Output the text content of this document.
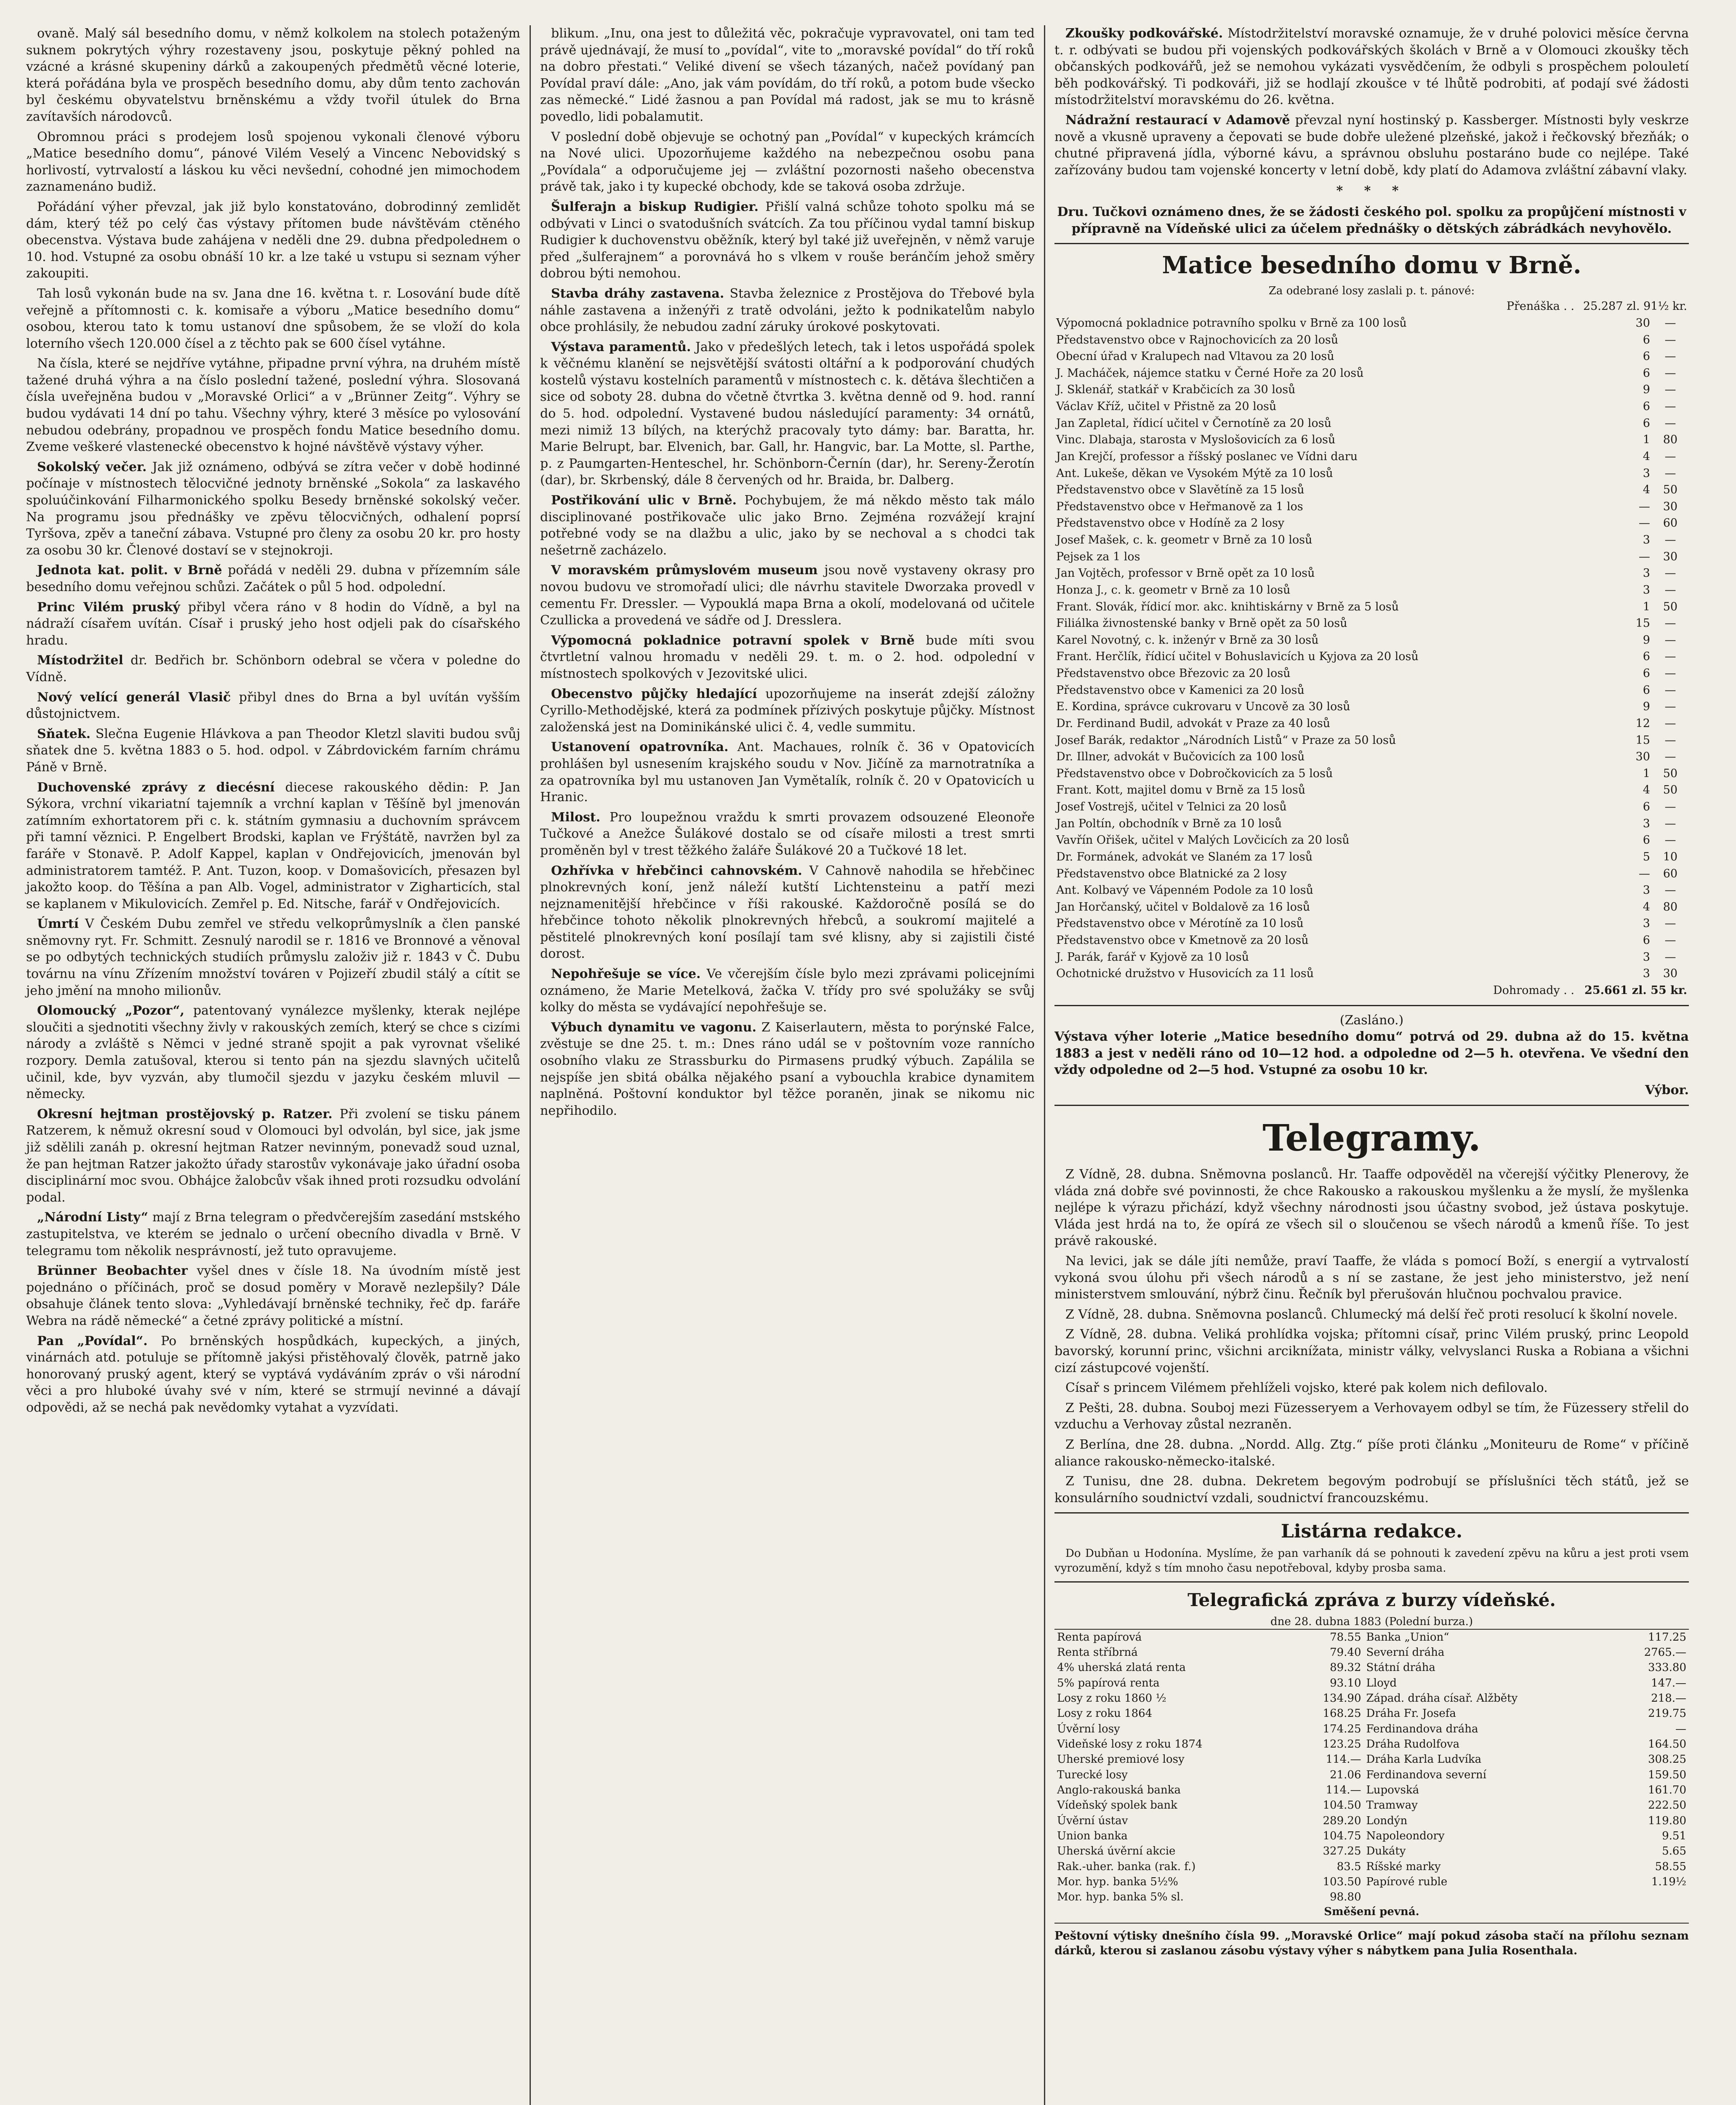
ovaně. Malý sál besedního domu, v němž kolkolem na stolech potaženým suknem pokrytých výhry rozestaveny jsou, poskytuje pěkný pohled na vzácné a krásné skupeniny dárků a zakoupených předmětů věcné loterie, která pořádána byla ve prospěch besedního domu, aby dům tento zachován byl českému obyvatelstvu brněnskému a vždy tvořil útulek do Brna zavítavších národovců.

Obromnou práci s prodejem losů spojenou vykonali členové výboru „Matice besedního domu“, pánové Vilém Veselý a Vincenc Nebovidský s horlivostí, vytrvalostí a láskou ku věci nevšední, cohodné jen mimochodem zaznamenáno budiž.

Pořádání výher převzal, jak již bylo konstatováno, dobrodinný zemlidět dám, který též po celý čas výstavy přítomen bude návštěvám ctěného obecenstva. Výstava bude zahájena v neděli dne 29. dubna předpoledнem o 10. hod. Vstupné za osobu obnáší 10 kr. a lze také u vstupu si seznam výher zakoupiti.

Tah losů vykonán bude na sv. Jana dne 16. května t. r. Losování bude dítě veřejně a přítomnosti c. k. komisaře a výboru „Matice besedního domu“ osobou, kterou tato k tomu ustanoví dne spůsobem, že se vloží do kola loterního všech 120.000 čísel a z těchto pak se 600 čísel vytáhne.

Na čísla, které se nejdříve vytáhne, připadne první výhra, na druhém místě tažené druhá výhra a na číslo poslední tažené, poslední výhra. Slosovaná čísla uveřejněna budou v „Moravské Orlici“ a v „Brünner Zeitg“. Výhry se budou vydávati 14 dní po tahu. Všechny výhry, které 3 měsíce po vylosování nebudou odebrány, propadnou ve prospěch fondu Matice besedního domu. Zveme veškeré vlastenecké obecenstvo k hojné návštěvě výstavy výher.

Sokolský večer. Jak již oznámeno, odbývá se zítra večer v době hodinné počínaje v místnostech tělocvičné jednoty brněnské „Sokola“ za laskavého spoluúčinkování Filharmonického spolku Besedy brněnské sokolský večer. Na programu jsou přednášky ve zpěvu tělocvičných, odhalení poprsí Tyršova, zpěv a taneční zábava. Vstupné pro členy za osobu 20 kr. pro hosty za osobu 30 kr. Členové dostaví se v stejnokroji.

Jednota kat. polit. v Brně pořádá v neděli 29. dubna v přízemním sále besedního domu veřejnou schůzi. Začátek o půl 5 hod. odpolední.

Princ Vilém pruský přibyl včera ráno v 8 hodin do Vídně, a byl na nádraží císařem uvítán. Císař i pruský jeho host odjeli pak do císařského hradu.

Místodržitel dr. Bedřich br. Schönborn odebral se včera v poledne do Vídně.

Nový velící generál Vlasič přibyl dnes do Brna a byl uvítán vyšším důstojnictvem.

Sňatek. Slečna Eugenie Hlávkova a pan Theodor Kletzl slaviti budou svůj sňatek dne 5. května 1883 o 5. hod. odpol. v Zábrdovickém farním chrámu Páně v Brně.

Duchovenské zprávy z diecésní diecese rakouského dědin: P. Jan Sýkora, vrchní vikariatní tajemník a vrchní kaplan v Těšíně byl jmenován zatímním exhortatorem při c. k. státním gymnasiu a duchovním správcem při tamní věznici. P. Engelbert Brodski, kaplan ve Frýštátě, navržen byl za faráře v Stonavě. P. Adolf Kappel, kaplan v Ondřejovicích, jmenován byl administratorem tamtéž. P. Ant. Tuzon, koop. v Domašovicích, přesazen byl jakožto koop. do Těšína a pan Alb. Vogel, administrator v Zigharticích, stal se kaplanem v Mikulovicích. Zemřel p. Ed. Nitsche, farář v Ondřejovicích.

Úmrtí V Českém Dubu zemřel ve středu velkoprůmyslník a člen panské sněmovny ryt. Fr. Schmitt. Zesnulý narodil se r. 1816 ve Bronnové a věnoval se po odbytých technických studiích průmyslu založiv již r. 1843 v Č. Dubu továrnu na vínu Zřízením množství továren v Pojizeří zbudil stálý a cítit se jeho jmění na mnoho milionův.

Olomoucký „Pozor“, patentovaný vynálezce myšlenky, kterak nejlépe sloučiti a sjednotiti všechny živly v rakouských zemích, který se chce s cizími národy a zvláště s Němci v jedné straně spojit a pak vyrovnat všeliké rozpory. Demla zatušoval, kterou si tento pán na sjezdu slavných učitelů učinil, kde, byv vyzván, aby tlumočil sjezdu v jazyku českém mluvil — německy.

Okresní hejtman prostějovský p. Ratzer. Při zvolení se tisku pánem Ratzerem, k němuž okresní soud v Olomouci byl odvolán, byl sice, jak jsme již sdělili zanáh p. okresní hejtman Ratzer nevinným, ponevadž soud uznal, že pan hejtman Ratzer jakožto úřady starostův vykonávaje jako úřadní osoba disciplinární moc svou. Obhájce žalobcův však ihned proti rozsudku odvolání podal.

„Národní Listy“ mají z Brna telegram o předvčerejším zasedání mstského zastupitelstva, ve kterém se jednalo o určení obecního divadla v Brně. V telegramu tom několik nesprávností, jež tuto opravujeme.

Brünner Beobachter vyšel dnes v čísle 18. Na úvodním místě jest pojednáno o příčinách, proč se dosud poměry v Moravě nezlepšily? Dále obsahuje článek tento slova: „Vyhledávají brněnské techniky, řeč dp. faráře Webra na rádě německé“ a četné zprávy politické a místní.

Pan „Povídal“. Po brněnských hospůdkách, kupeckých, a jiných, vinárnách atd. potuluje se přítomně jakýsi přistěhovalý člověk, patrně jako honorovaný pruský agent, který se vyptává vydáváním zpráv o vši národní věci a pro hluboké úvahy své v ním, které se strmují nevinné a dávají odpovědi, až se nechá pak nevědomky vytahat a vyzvídati.

blikum. „Inu, ona jest to důležitá věc, pokračuje vypravovatel, oni tam ted právě ujednávají, že musí to „povídal“, vite to „moravské povídal“ do tří roků na dobro přestati.“ Veliké divení se všech tázaných, načež povídaný pan Povídal praví dále: „Ano, jak vám povídám, do tří roků, a potom bude všecko zas německé.“ Lidé žasnou a pan Povídal má radost, jak se mu to krásně povedlo, lidi pobalamutit.

V poslední době objevuje se ochotný pan „Povídal“ v kupeckých krámcích na Nové ulici. Upozorňujeme každého na nebezpečnou osobu pana „Povídala“ a odporučujeme jej — zvláštní pozornosti našeho obecenstva právě tak, jako i ty kupecké obchody, kde se taková osoba zdržuje.

Šulferajn a biskup Rudigier. Přišlí valná schůze tohoto spolku má se odbývati v Linci o svatodušních svátcích. Za tou příčinou vydal tamní biskup Rudigier k duchovenstvu oběžník, který byl také již uveřejněn, v němž varuje před „šulferajnem“ a porovnává ho s vlkem v rouše beránčím jehož směry dobrou býti nemohou.

Stavba dráhy zastavena. Stavba železnice z Prostějova do Třebové byla náhle zastavena a inženýři z tratě odvoláni, ježto k podnikatelům nabylo obce prohlásily, že nebudou zadní záruky úrokové poskytovati.

Výstava paramentů. Jako v předešlých letech, tak i letos uspořádá spolek k věčnému klanění se nejsvětější svátosti oltářní a k podporování chudých kostelů výstavu kostelních paramentů v místnostech c. k. dětáva šlechtičen a sice od soboty 28. dubna do včetně čtvrtka 3. května denně od 9. hod. ranní do 5. hod. odpolední. Vystavené budou následující paramenty: 34 ornátů, mezi nimiž 13 bílých, na kterýchž pracovaly tyto dámy: bar. Baratta, hr. Marie Belrupt, bar. Elvenich, bar. Gall, hr. Hangvic, bar. La Motte, sl. Parthe, p. z Paumgarten-Henteschel, hr. Schönborn-Černín (dar), hr. Sereny-Žerotín (dar), br. Skrbenský, dále 8 červených od hr. Braida, br. Dalberg.

Postřikování ulic v Brně. Pochybujem, že má někdo město tak málo disciplinované postřikovače ulic jako Brno. Zejména rozvážejí krajní potřebné vody se na dlažbu a ulic, jako by se nechoval a s chodci tak nešetrně zacházelo.

V moravském průmyslovém museum jsou nově vystaveny okrasy pro novou budovu ve stromořadí ulici; dle návrhu stavitele Dworzaka provedl v cementu Fr. Dressler. — Vypouklá mapa Brna a okolí, modelovaná od učitele Czullicka a provedená ve sádře od J. Dresslera.

Výpomocná pokladnice potravní spolek v Brně bude míti svou čtvrtletní valnou hromadu v neděli 29. t. m. o 2. hod. odpolední v místnostech spolkových v Jezovitské ulici.

Obecenstvo půjčky hledající upozorňujeme na inserát zdejší záložny Cyrillo-Methodějské, která za podmínek přízivých poskytuje půjčky. Místnost založenská jest na Dominikánské ulici č. 4, vedle summitu.

Ustanovení opatrovníka. Ant. Machaues, rolník č. 36 v Opatovicích prohlášen byl usnesením krajského soudu v Nov. Jičíně za marnotratníka a za opatrovníka byl mu ustanoven Jan Vymětalík, rolník č. 20 v Opatovicích u Hranic.

Milost. Pro loupežnou vraždu k smrti provazem odsouzené Eleonoře Tučkové a Anežce Šulákové dostalo se od císaře milosti a trest smrti proměněn byl v trest těžkého žaláře Šulákové 20 a Tučkové 18 let.

Ozhřívka v hřebčinci cahnovském. V Cahnově nahodila se hřebčinec plnokrevných koní, jenž náleží kutští Lichtensteinu a patří mezi nejznamenitější hřebčince v říši rakouské. Každoročně posílá se do hřebčince tohoto několik plnokrevných hřebců, a soukromí majitelé a pěstitelé plnokrevných koní posílají tam své klisny, aby si zajistili čisté dorost.

Nepohřešuje se více. Ve včerejším čísle bylo mezi zprávami policejními oznámeno, že Marie Metelková, žačka V. třídy pro své spolužáky se svůj kolky do města se vydávající nepohřešuje se.

Výbuch dynamitu ve vagonu. Z Kaiserlautern, města to porýnské Falce, zvěstuje se dne 25. t. m.: Dnes ráno udál se v poštovním voze rannícho osobního vlaku ze Strassburku do Pirmasens prudký výbuch. Zapálila se nejspíše jen sbitá obálka nějakého psaní a vybouchla krabice dynamitem naplněná. Poštovní konduktor byl těžce poraněn, jinak se nikomu nic nepřihodilo.

Zkoušky podkovářské. Místodržitelství moravské oznamuje, že v druhé polovici měsíce června t. r. odbývati se budou při vojenských podkovářských školách v Brně a v Olomouci zkoušky těch občanských podkovářů, jež se nemohou vykázati vysvědčením, že odbyli s prospěchem polouletí běh podkovářský. Ti podkováři, již se hodlají zkoušce v té lhůtě podrobiti, ať podají své žádosti místodržitelství moravskému do 26. května.

Nádražní restaurací v Adamově převzal nyní hostinský p. Kassberger. Místnosti byly veskrze nově a vkusně upraveny a čepovati se bude dobře uležené plzeňské, jakož i řečkovský březňák; o chutné připravená jídla, výborné kávu, a správnou obsluhu postaráno bude co nejlépe. Také zařízovány budou tam vojenské koncerty v letní době, kdy platí do Adamova zvláštní zábavní vlaky.

* * *

Dru. Tučkovi oznámeno dnes, že se žádosti českého pol. spolku za propůjčení místnosti v přípravně na Vídeňské ulici za účelem přednášky o dětských zábrádkách nevyhovělo.

Matice besedního domu v Brně.
Za odebrané losy zaslali p. t. pánové:
Přenáška . .	25.287 zl. 91½ kr.	
Výpomocná pokladnice potravního spolku v Brně za 100 losů	30	—
Představenstvo obce v Rajnochovicích za 20 losů	6	—
Obecní úřad v Kralupech nad Vltavou za 20 losů	6	—
J. Macháček, nájemce statku v Černé Hoře za 20 losů	6	—
J. Sklenář, statkář v Krabčicích za 30 losů	9	—
Václav Kříž, učitel v Přistně za 20 losů	6	—
Jan Zapletal, řídicí učitel v Černotíně za 20 losů	6	—
Vinc. Dlabaja, starosta v Myslošovicích za 6 losů	1	80
Jan Krejčí, professor a říšský poslanec ve Vídni daru	4	—
Ant. Lukeše, děkan ve Vysokém Mýtě za 10 losů	3	—
Představenstvo obce v Slavětíně za 15 losů	4	50
Představenstvo obce v Heřmanově za 1 los	—	30
Představenstvo obce v Hodíně za 2 losy	—	60
Josef Mašek, c. k. geometr v Brně za 10 losů	3	—
Pejsek za 1 los	—	30
Jan Vojtěch, professor v Brně opět za 10 losů	3	—
Honza J., c. k. geometr v Brně za 10 losů	3	—
Frant. Slovák, řídicí mor. akc. knihtiskárny v Brně za 5 losů	1	50
Filiálka živnostenské banky v Brně opět za 50 losů	15	—
Karel Novotný, c. k. inženýr v Brně za 30 losů	9	—
Frant. Herčlík, řídicí učitel v Bohuslavicích u Kyjova za 20 losů	6	—
Představenstvo obce Březovic za 20 losů	6	—
Představenstvo obce v Kamenici za 20 losů	6	—
E. Kordina, správce cukrovaru v Uncově za 30 losů	9	—
Dr. Ferdinand Budil, advokát v Praze za 40 losů	12	—
Josef Barák, redaktor „Národních Listů“ v Praze za 50 losů	15	—
Dr. Illner, advokát v Bučovicích za 100 losů	30	—
Představenstvo obce v Dobročkovicích za 5 losů	1	50
Frant. Kott, majitel domu v Brně za 15 losů	4	50
Josef Vostrejš, učitel v Telnici za 20 losů	6	—
Jan Poltín, obchodník v Brně za 10 losů	3	—
Vavřín Ořišek, učitel v Malých Lovčicích za 20 losů	6	—
Dr. Formánek, advokát ve Slaném za 17 losů	5	10
Představenstvo obce Blatnické za 2 losy	—	60
Ant. Kolbavý ve Vápenném Podole za 10 losů	3	—
Jan Horčanský, učitel v Boldalově za 16 losů	4	80
Představenstvo obce v Mérotíně za 10 losů	3	—
Představenstvo obce v Kmetnově za 20 losů	6	—
J. Parák, farář v Kyjově za 10 losů	3	—
Ochotnické družstvo v Husovicích za 11 losů	3	30
Dohromady . .	25.661 zl. 55 kr.	
(Zasláno.)

Výstava výher loterie „Matice besedního domu“ potrvá od 29. dubna až do 15. května 1883 a jest v neděli ráno od 10—12 hod. a odpoledne od 2—5 h. otevřena. Ve všední den vždy odpoledne od 2—5 hod. Vstupné za osobu 10 kr.

Výbor.
Telegramy.

Z Vídně, 28. dubna. Sněmovna poslanců. Hr. Taaffe odpověděl na včerejší výčitky Plenerovy, že vláda zná dobře své povinnosti, že chce Rakousko a rakouskou myšlenku a že myslí, že myšlenka nejlépe k výrazu přichází, když všechny národnosti jsou účastny svobod, jež ústava poskytuje. Vláda jest hrdá na to, že opírá ze všech sil o sloučenou se všech národů a kmenů říše. To jest právě rakouské.

Na levici, jak se dále jíti nemůže, praví Taaffe, že vláda s pomocí Boží, s energií a vytrvalostí vykoná svou úlohu při všech národů a s ní se zastane, že jest jeho ministerstvo, jež není ministerstvem smlouvání, nýbrž činu. Řečník byl přerušován hlučnou pochvalou pravice.

Z Vídně, 28. dubna. Sněmovna poslanců. Chlumecký má delší řeč proti resolucí k školní novele.

Z Vídně, 28. dubna. Veliká prohlídka vojska; přítomni císař, princ Vilém pruský, princ Leopold bavorský, korunní princ, všichni arciknížata, ministr války, velvyslanci Ruska a Robiana a všichni cizí zástupcové vojenští.

Císař s princem Vilémem přehlíželi vojsko, které pak kolem nich defilovalo.

Z Pešti, 28. dubna. Souboj mezi Füzesseryem a Verhovayem odbyl se tím, že Füzessery střelil do vzduchu a Verhovay zůstal nezraněn.

Z Berlína, dne 28. dubna. „Nordd. Allg. Ztg.“ píše proti článku „Moniteuru de Rome“ v příčině aliance rakousko-německo-italské.

Z Tunisu, dne 28. dubna. Dekretem begovým podrobují se příslušníci těch států, jež se konsulárního soudnictví vzdali, soudnictví francouzskému.

Listárna redakce.

Do Dubňan u Hodonína. Myslíme, že pan varhaník dá se pohnouti k zavedení zpěvu na kůru a jest proti vsem vyrozumění, když s tím mnoho času nepotřeboval, kdyby prosba sama.

Telegrafická zpráva z burzy vídeňské.
dne 28. dubna 1883 (Polední burza.)
Renta papírová	78.55	Banka „Union“	117.25
Renta stříbrná	79.40	Severní dráha	2765.—
4% uherská zlatá renta	89.32	Státní dráha	333.80
5% papírová renta	93.10	Lloyd	147.—
Losy z roku 1860 ½	134.90	Západ. dráha císař. Alžběty	218.—
Losy z roku 1864	168.25	Dráha Fr. Josefa	219.75
Úvěrní losy	174.25	Ferdinandova dráha	—
Videňské losy z roku 1874	123.25	Dráha Rudolfova	164.50
Uherské premiové losy	114.—	Dráha Karla Ludvíka	308.25
Turecké losy	21.06	Ferdinandova severní	159.50
Anglo-rakouská banka	114.—	Lupovská	161.70
Vídeňský spolek bank	104.50	Tramway	222.50
Úvěrní ústav	289.20	Londýn	119.80
Union banka	104.75	Napoleondory	9.51
Uherská úvěrní akcie	327.25	Dukáty	5.65
Rak.-uher. banka (rak. f.)	83.5	Ríšské marky	58.55
Mor. hyp. banka 5½%	103.50	Papírové ruble	1.19½
Mor. hyp. banka 5% sl.	98.80		
Směšení pevná.

Peštovní výtisky dnešního čísla 99. „Moravské Orlice“ mají pokud zásoba stačí na přílohu seznam dárků, kterou si zaslanou zásobu výstavy výher s nábytkem pana Julia Rosenthala.
